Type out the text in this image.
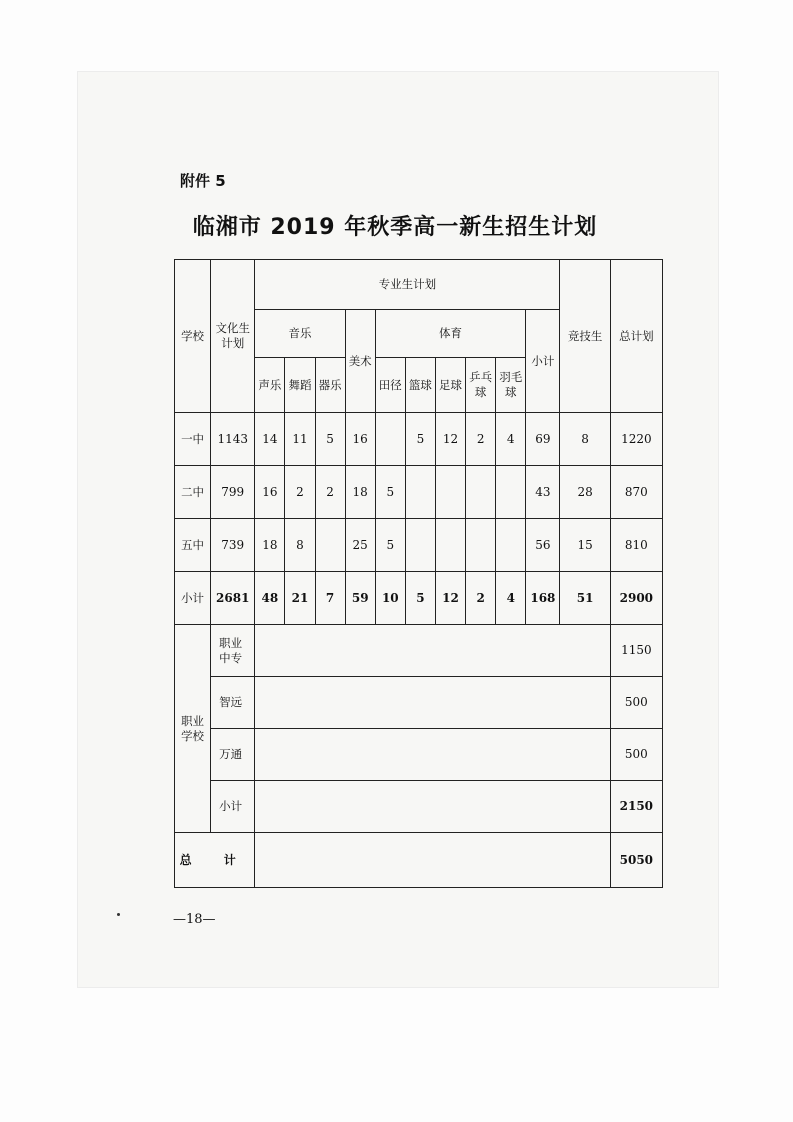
附件 5
临湘市 2019 年秋季高一新生招生计划
学校	文化生计划	专业生计划										竞技生	总计划
		音乐			美术	体育					小计		
		声乐	舞蹈	器乐		田径	篮球	足球	乒乓球	羽毛球			
一中	1143	14	11	5	16		5	12	2	4	69	8	1220
二中	799	16	2	2	18	5					43	28	870
五中	739	18	8		25	5					56	15	810
小计	2681	48	21	7	59	10	5	12	2	4	168	51	2900
职业学校	职业中专												1150
	智远												500
	万通												500
	小计												2150
总 计													5050
—18—
